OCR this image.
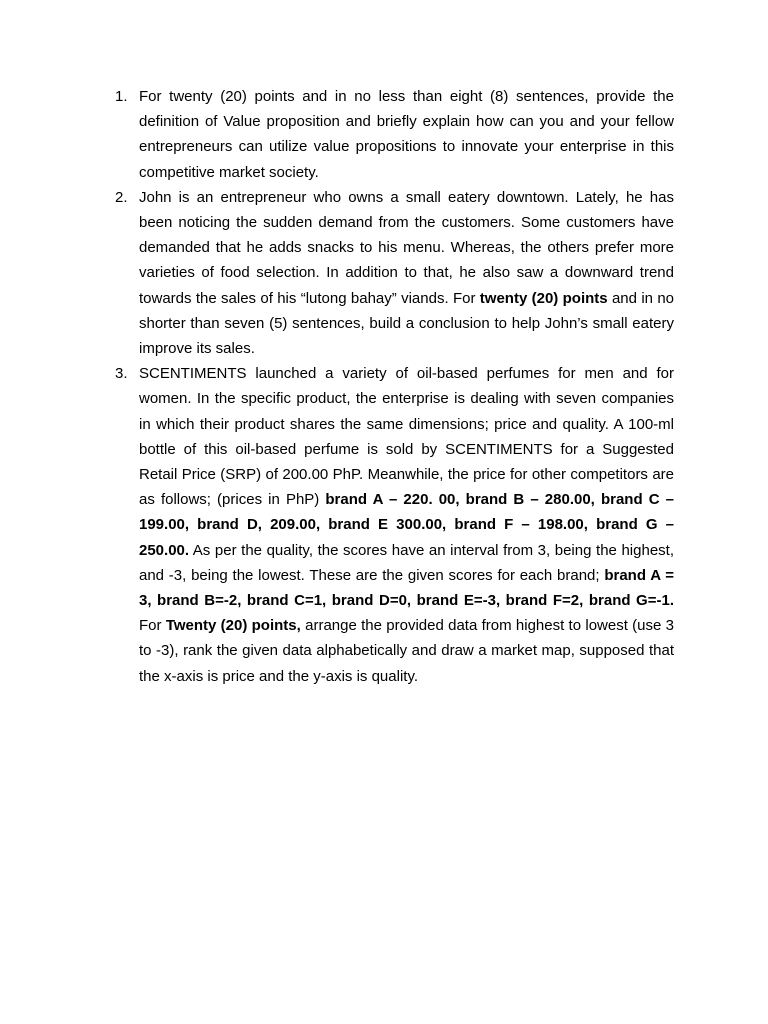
1. For twenty (20) points and in no less than eight (8) sentences, provide the definition of Value proposition and briefly explain how can you and your fellow entrepreneurs can utilize value propositions to innovate your enterprise in this competitive market society.
2. John is an entrepreneur who owns a small eatery downtown. Lately, he has been noticing the sudden demand from the customers. Some customers have demanded that he adds snacks to his menu. Whereas, the others prefer more varieties of food selection. In addition to that, he also saw a downward trend towards the sales of his “lutong bahay” viands. For twenty (20) points and in no shorter than seven (5) sentences, build a conclusion to help John’s small eatery improve its sales.
3. SCENTIMENTS launched a variety of oil-based perfumes for men and for women. In the specific product, the enterprise is dealing with seven companies in which their product shares the same dimensions; price and quality. A 100-ml bottle of this oil-based perfume is sold by SCENTIMENTS for a Suggested Retail Price (SRP) of 200.00 PhP. Meanwhile, the price for other competitors are as follows; (prices in PhP) brand A – 220. 00, brand B – 280.00, brand C – 199.00, brand D, 209.00, brand E 300.00, brand F – 198.00, brand G – 250.00. As per the quality, the scores have an interval from 3, being the highest, and -3, being the lowest. These are the given scores for each brand; brand A = 3, brand B=-2, brand C=1, brand D=0, brand E=-3, brand F=2, brand G=-1. For Twenty (20) points, arrange the provided data from highest to lowest (use 3 to -3), rank the given data alphabetically and draw a market map, supposed that the x-axis is price and the y-axis is quality.
